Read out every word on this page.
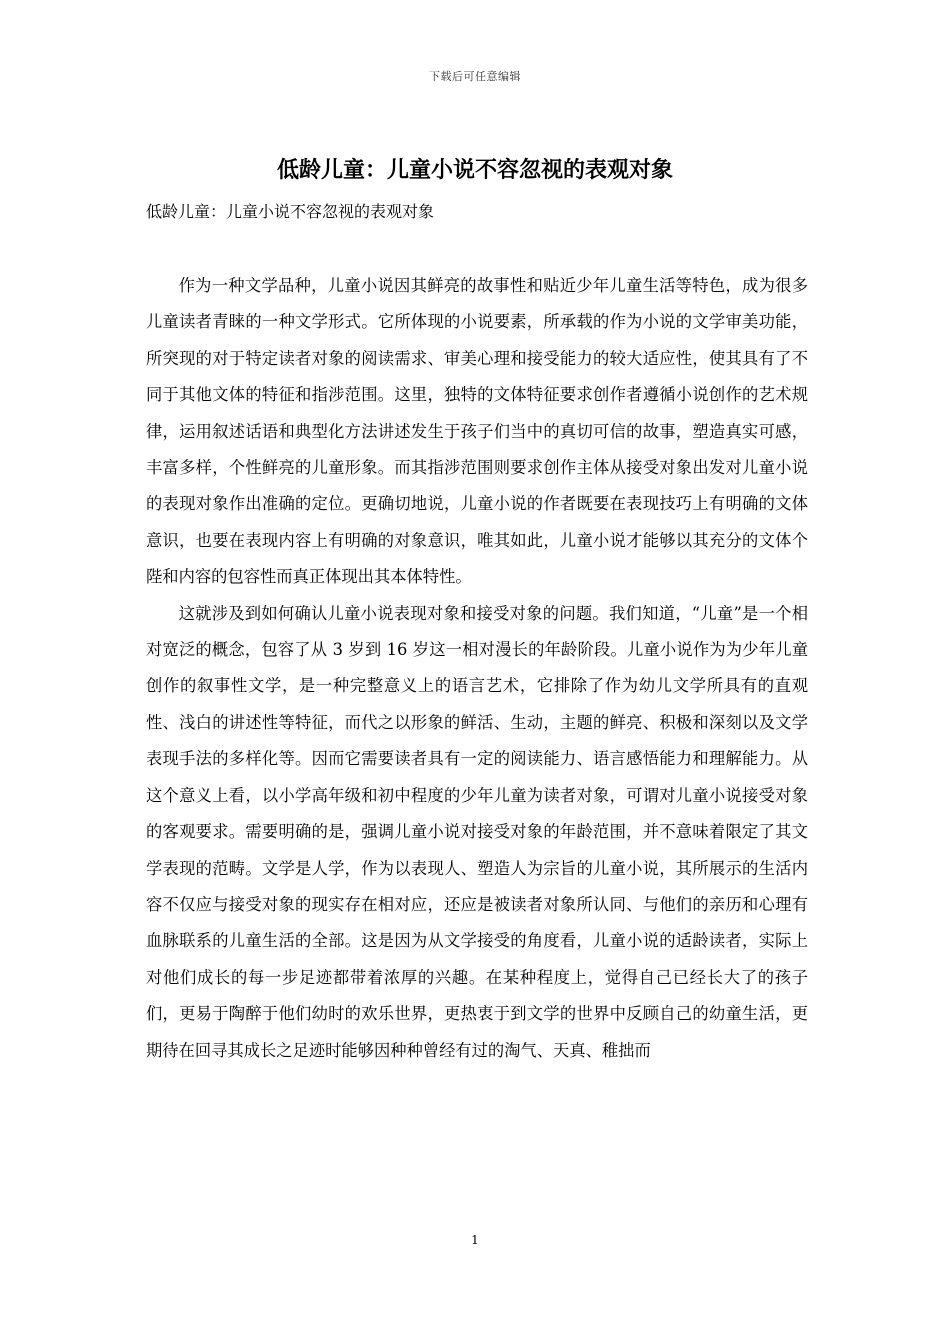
下载后可任意编辑
低龄儿童：儿童小说不容忽视的表观对象

低龄儿童：儿童小说不容忽视的表观对象

作为一种文学品种，儿童小说因其鲜亮的故事性和贴近少年儿童生活等特色，成为很多儿童读者青睐的一种文学形式。它所体现的小说要素，所承载的作为小说的文学审美功能，所突现的对于特定读者对象的阅读需求、审美心理和接受能力的较大适应性，使其具有了不同于其他文体的特征和指涉范围。这里，独特的文体特征要求创作者遵循小说创作的艺术规律，运用叙述话语和典型化方法讲述发生于孩子们当中的真切可信的故事，塑造真实可感，丰富多样，个性鲜亮的儿童形象。而其指涉范围则要求创作主体从接受对象出发对儿童小说的表现对象作出准确的定位。更确切地说，儿童小说的作者既要在表现技巧上有明确的文体意识，也要在表现内容上有明确的对象意识，唯其如此，儿童小说才能够以其充分的文体个陛和内容的包容性而真正体现出其本体特性。

这就涉及到如何确认儿童小说表现对象和接受对象的问题。我们知道，“儿童”是一个相对宽泛的概念，包容了从 3 岁到 16 岁这一相对漫长的年龄阶段。儿童小说作为为少年儿童创作的叙事性文学，是一种完整意义上的语言艺术，它排除了作为幼儿文学所具有的直观性、浅白的讲述性等特征，而代之以形象的鲜活、生动，主题的鲜亮、积极和深刻以及文学表现手法的多样化等。因而它需要读者具有一定的阅读能力、语言感悟能力和理解能力。从这个意义上看，以小学高年级和初中程度的少年儿童为读者对象，可谓对儿童小说接受对象的客观要求。需要明确的是，强调儿童小说对接受对象的年龄范围，并不意味着限定了其文学表现的范畴。文学是人学，作为以表现人、塑造人为宗旨的儿童小说，其所展示的生活内容不仅应与接受对象的现实存在相对应，还应是被读者对象所认同、与他们的亲历和心理有血脉联系的儿童生活的全部。这是因为从文学接受的角度看，儿童小说的适龄读者，实际上对他们成长的每一步足迹都带着浓厚的兴趣。在某种程度上，觉得自己已经长大了的孩子们，更易于陶醉于他们幼时的欢乐世界，更热衷于到文学的世界中反顾自己的幼童生活，更期待在回寻其成长之足迹时能够因种种曾经有过的淘气、天真、稚拙而

1
